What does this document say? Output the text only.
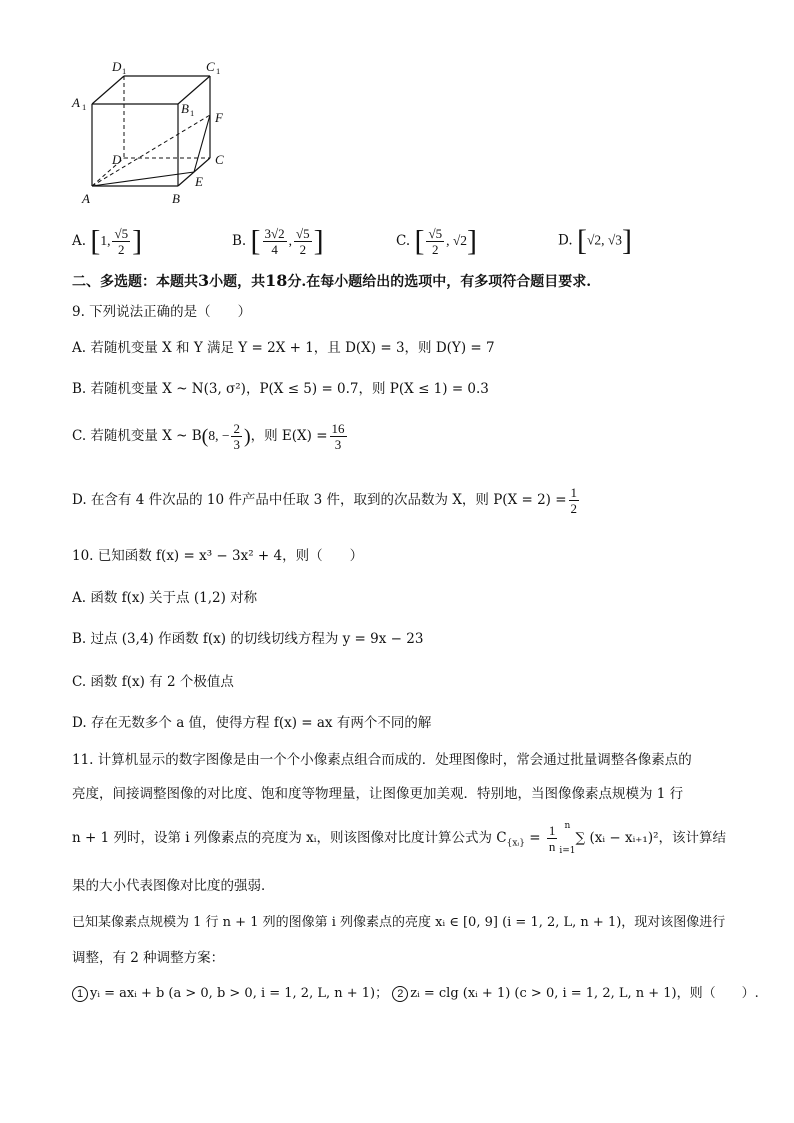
D 1	C 1
A 1	B 1 F
D	C
E
A	B
A. [1, $\frac{√5}{2}$ ]	B. [ $\frac{3√2}{4}$ , $\frac{√5}{2}$ ]	C. [ $\frac{√5}{2}$ , √2]	D. [√2, √3]
二、多选题：本题共3小题，共18分.在每小题给出的选项中，有多项符合题目要求.
9. 下列说法正确的是（　　）
A. 若随机变量 X 和 Y 满足 Y = 2X + 1，且 D(X) = 3，则 D(Y) = 7
B. 若随机变量 X ~ N(3, σ²)，P(X ≤ 5) = 0.7，则 P(X ≤ 1) = 0.3
C. 若随机变量 X ~ B(8, − $\frac{2}{3}$ )，则 $E(X) = \frac{16}{3}$
D. 在含有 4 件次品的 10 件产品中任取 3 件，取到的次品数为 X，则 $P(X = 2) = \frac{1}{2}$
10. 已知函数 f(x) = x³ − 3x² + 4，则（　　）
A. 函数 f(x) 关于点 (1,2) 对称
B. 过点 (3,4) 作函数 f(x) 的切线切线方程为 y = 9x − 23
C. 函数 f(x) 有 2 个极值点
D. 存在无数多个 a 值，使得方程 f(x) = ax 有两个不同的解
11. 计算机显示的数字图像是由一个个小像素点组合而成的．处理图像时，常会通过批量调整各像素点的
亮度，间接调整图像的对比度、饱和度等物理量，让图像更加美观．特别地，当图像像素点规模为 1 行
n + 1 列时，设第 i 列像素点的亮度为 xᵢ，则该图像对比度计算公式为 $C_{\{xᵢ\}} = \frac{1}{n}$ n

i=1
∑ (xᵢ − xᵢ₊₁)²，该计算结
果的大小代表图像对比度的强弱．
已知某像素点规模为 1 行 n + 1 列的图像第 i 列像素点的亮度 xᵢ ∈ [0, 9] (i = 1, 2, L, n + 1)，现对该图像进行
调整，有 2 种调整方案：
1 yᵢ = axᵢ + b (a > 0, b > 0, i = 1, 2, L, n + 1)； 2 zᵢ = clg (xᵢ + 1) (c > 0, i = 1, 2, L, n + 1)，则（　　）.
